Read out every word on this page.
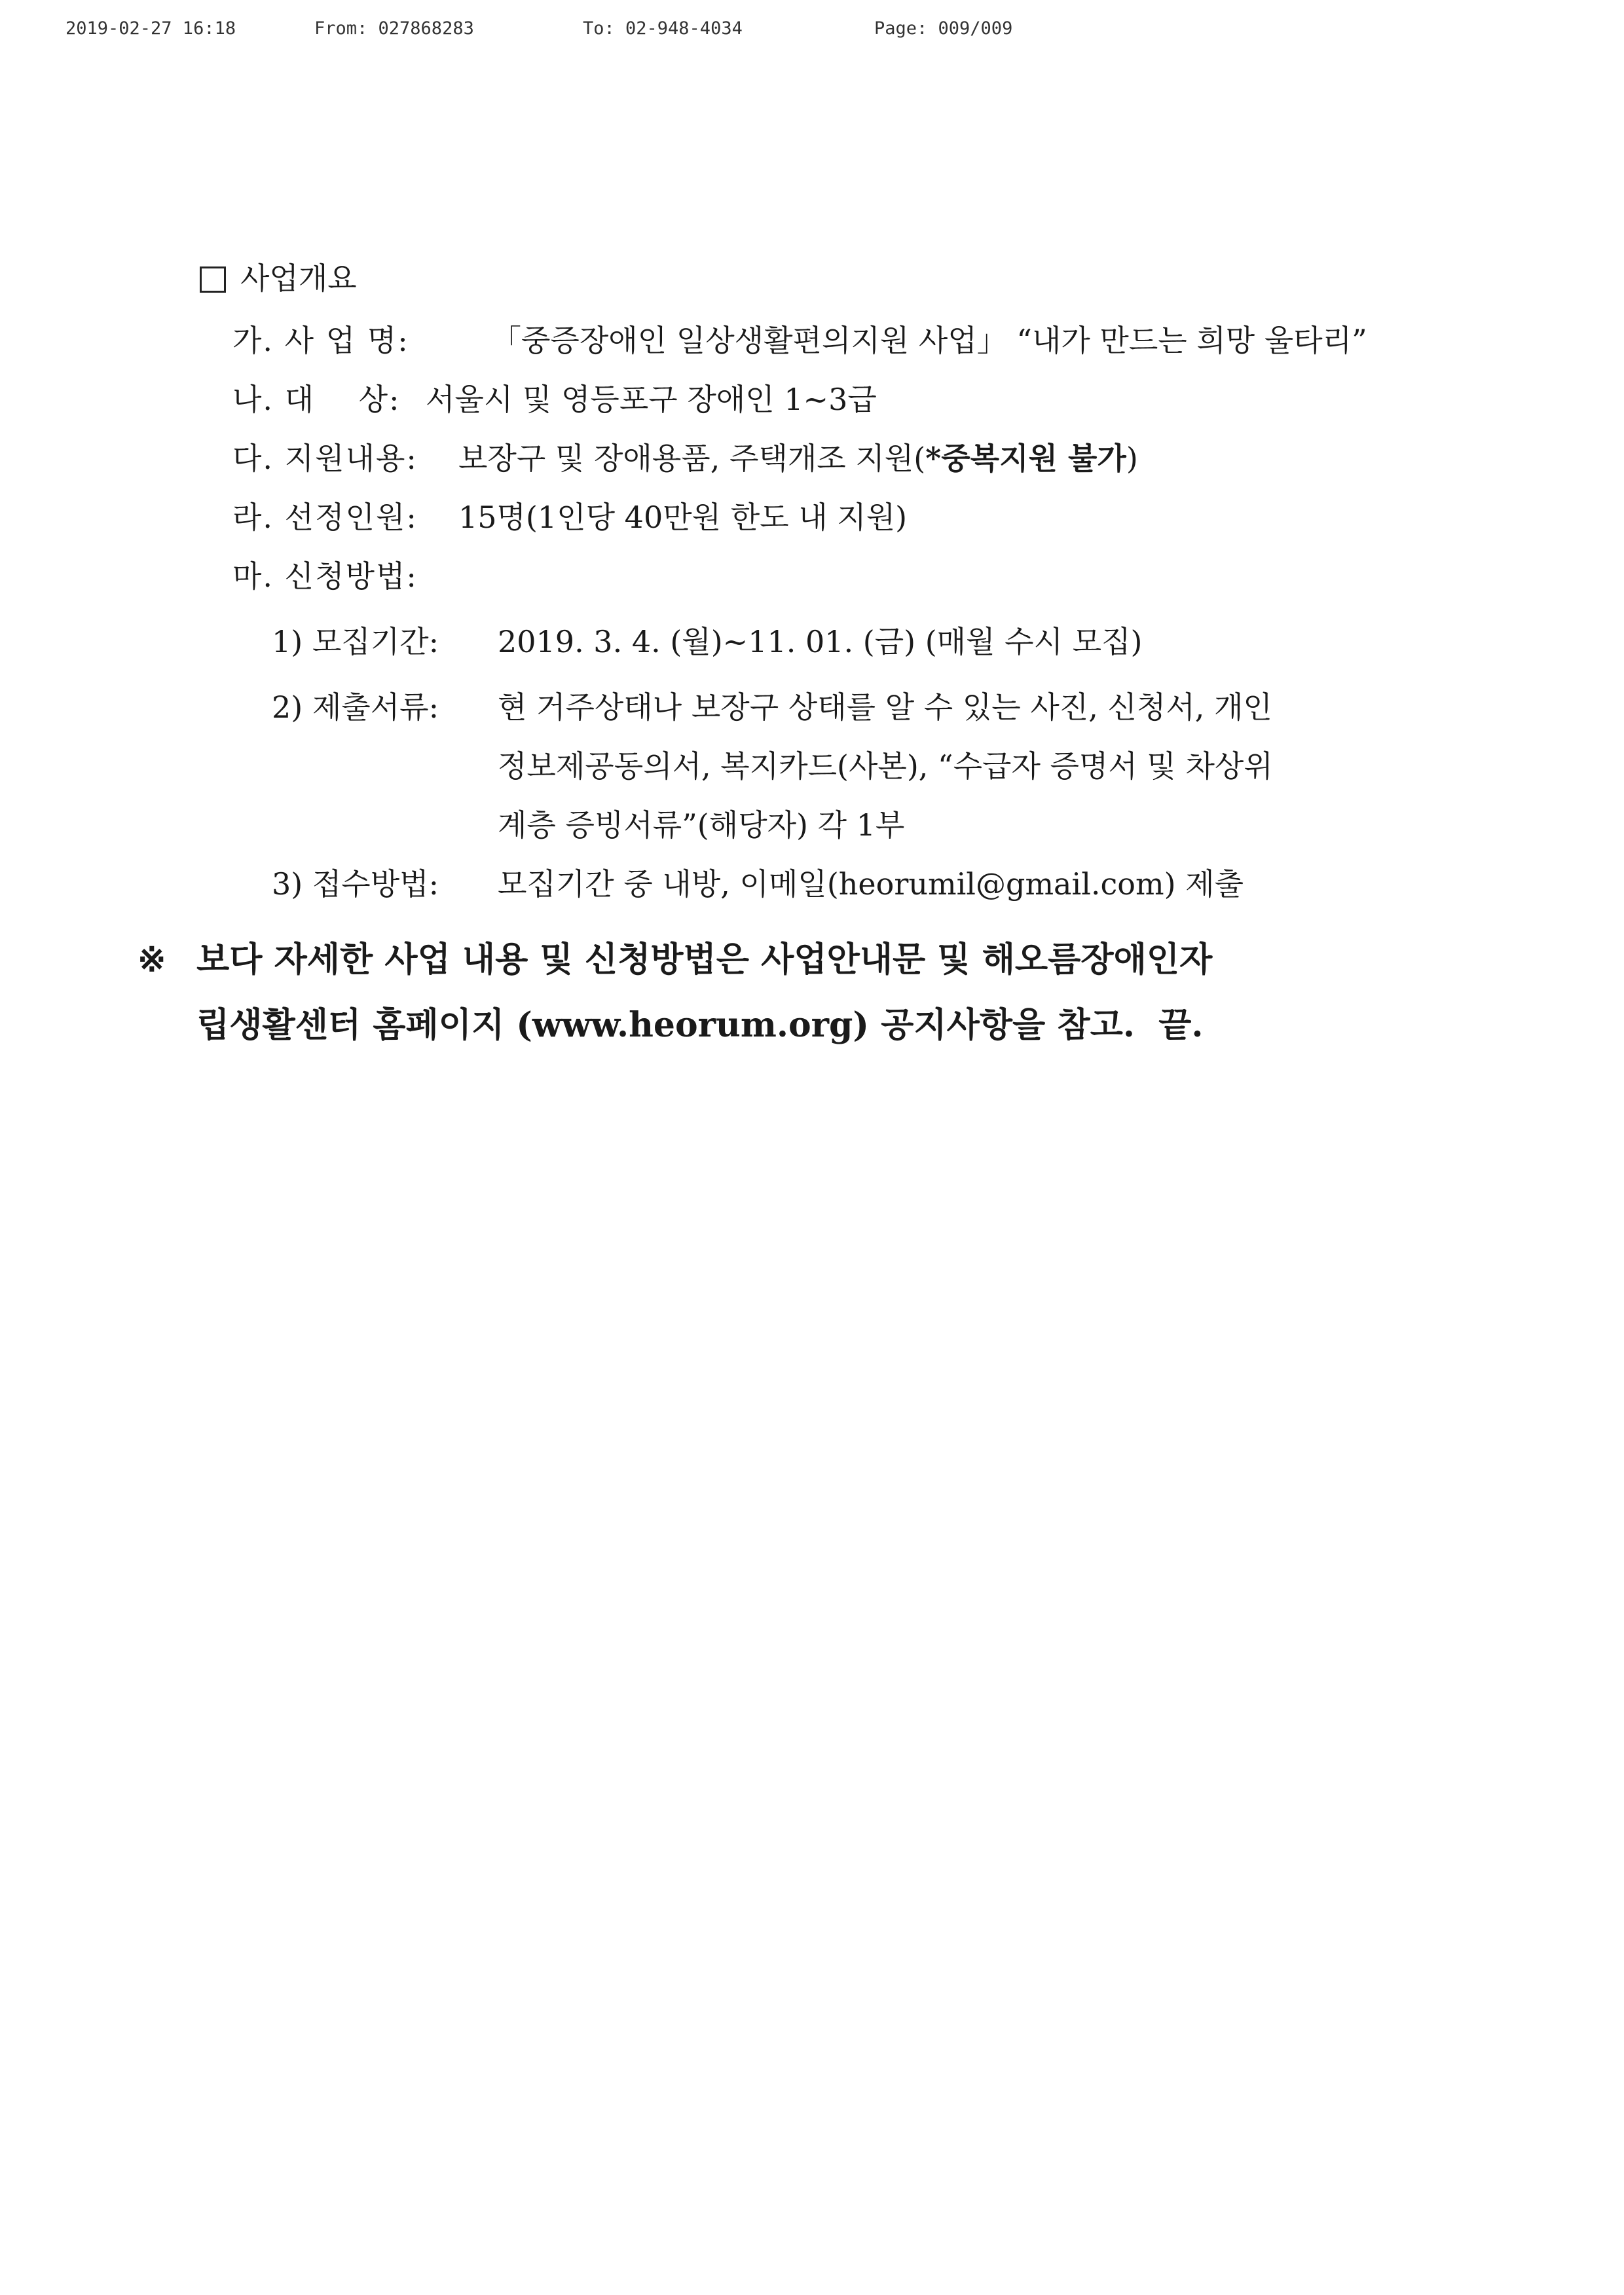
2019-02-27 16:18	From: 027868283	To: 02-948-4034	Page: 009/009
사업개요
가. 사 업 명:	「중증장애인 일상생활편의지원 사업」 “내가 만드는 희망 울타리”
나. 대    상: 서울시 및 영등포구 장애인 1~3급
다. 지원내용: 보장구 및 장애용품, 주택개조 지원(*중복지원 불가)
라. 선정인원: 15명(1인당 40만원 한도 내 지원)
마. 신청방법:
1) 모집기간: 2019. 3. 4. (월)~11. 01. (금) (매월 수시 모집)
2) 제출서류: 현 거주상태나 보장구 상태를 알 수 있는 사진, 신청서, 개인
정보제공동의서, 복지카드(사본), “수급자 증명서 및 차상위
계층 증빙서류”(해당자) 각 1부
3) 접수방법: 모집기간 중 내방, 이메일(heorumil@gmail.com) 제출
※ 보다 자세한 사업 내용 및 신청방법은 사업안내문 및 해오름장애인자
립생활센터 홈페이지 (www.heorum.org) 공지사항을 참고.  끝.
